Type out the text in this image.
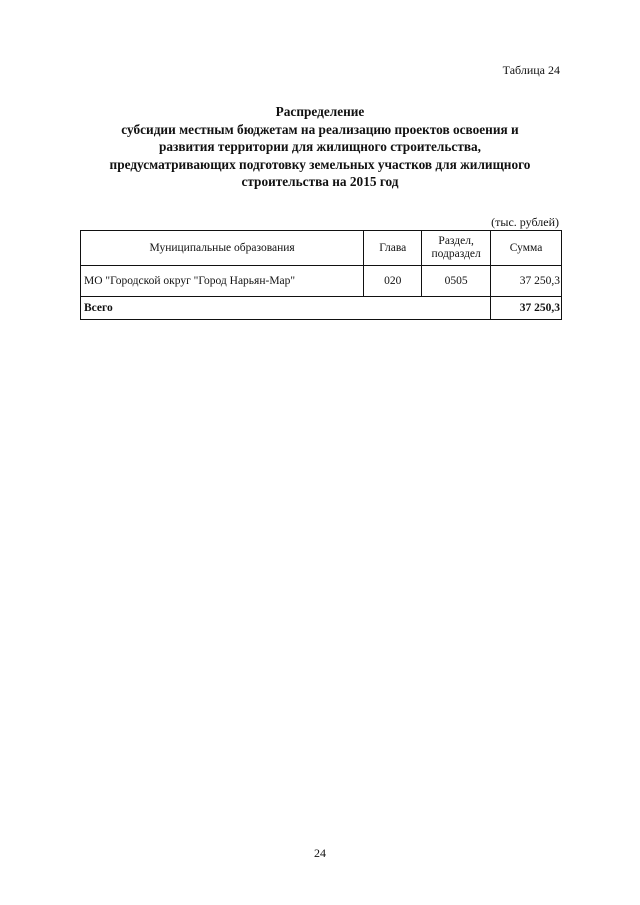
Таблица 24
Распределение
субсидии местным бюджетам на реализацию проектов освоения и
развития территории для жилищного строительства,
предусматривающих подготовку земельных участков для жилищного
строительства на 2015 год
(тыс. рублей)
Муниципальные образования	Глава	Раздел, подраздел	Сумма
МО "Городской округ "Город Нарьян-Мар"	020	0505	37 250,3
Всего			37 250,3
24
